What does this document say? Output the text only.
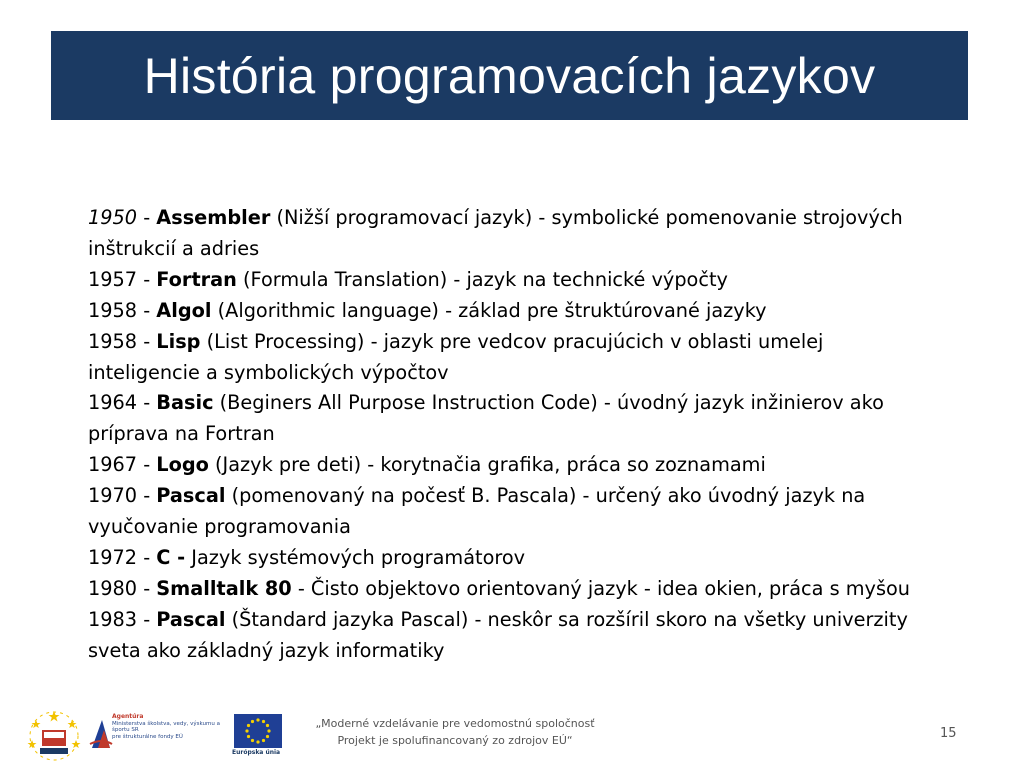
História programovacích jazykov

1950 - Assembler (Nižší programovací jazyk) - symbolické pomenovanie strojových inštrukcií a adries

1957 - Fortran (Formula Translation) - jazyk na technické výpočty

1958 - Algol (Algorithmic language) - základ pre štruktúrované jazyky

1958 - Lisp (List Processing) - jazyk pre vedcov pracujúcich v oblasti umelej inteligencie a symbolických výpočtov

1964 - Basic (Beginers All Purpose Instruction Code) - úvodný jazyk inžinierov ako príprava na Fortran

1967 - Logo (Jazyk pre deti) - korytnačia grafika, práca so zoznamami

1970 - Pascal (pomenovaný na počesť B. Pascala) - určený ako úvodný jazyk na vyučovanie programovania

1972 - C - Jazyk systémových programátorov

1980 - Smalltalk 80 - Čisto objektovo orientovaný jazyk - idea okien, práca s myšou

1983 - Pascal (Štandard jazyka Pascal) - neskôr sa rozšíril skoro na všetky univerzity sveta ako základný jazyk informatiky

Agentúra
Ministerstva školstva, vedy, výskumu a športu SR
pre štrukturálne fondy EÚ
Európska únia
„Moderné vzdelávanie pre vedomostnú spoločnosť
Projekt je spolufinancovaný zo zdrojov EÚ“	15
